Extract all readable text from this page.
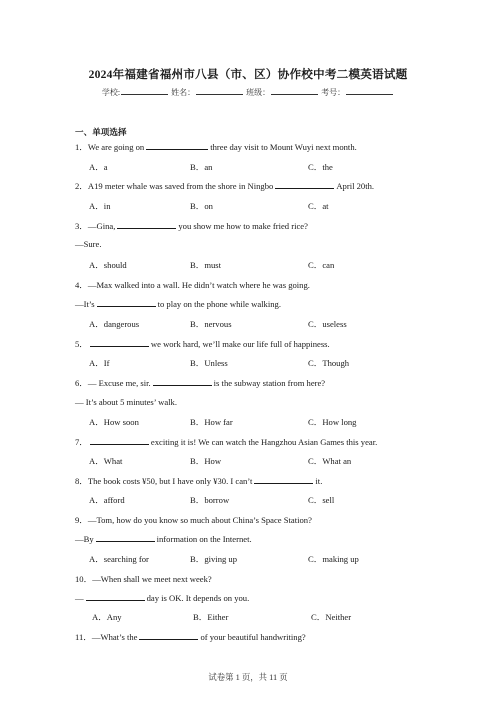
2024年福建省福州市八县（市、区）协作校中考二模英语试题
学校:	姓名：	班级：	考号：
一、单项选择
1．We are going on	three day visit to Mount Wuyi next month.
A．a	B．an	C．the
2．A19 meter whale was saved from the shore in Ningbo	April 20th.
A．in	B．on	C．at
3．—Gina,	you show me how to make fried rice?
—Sure.
A．should	B．must	C．can
4．—Max walked into a wall. He didn’t watch where he was going.
—It’s	to play on the phone while walking.
A．dangerous	B．nervous	C．useless
5．	we work hard, we’ll make our life full of happiness.
A．If	B．Unless	C．Though
6．— Excuse me, sir.	is the subway station from here?
— It’s about 5 minutes’ walk.
A．How soon	B．How far	C．How long
7．	exciting it is! We can watch the Hangzhou Asian Games this year.
A．What	B．How	C．What an
8．The book costs ¥50, but I have only ¥30. I can’t	it.
A．afford	B．borrow	C．sell
9．—Tom, how do you know so much about China’s Space Station?
—By	information on the Internet.
A．searching for	B．giving up	C．making up
10．—When shall we meet next week?
—	day is OK. It depends on you.
A．Any	B．Either	C．Neither
11．—What’s the	of your beautiful handwriting?
试卷第 1 页，共 11 页
